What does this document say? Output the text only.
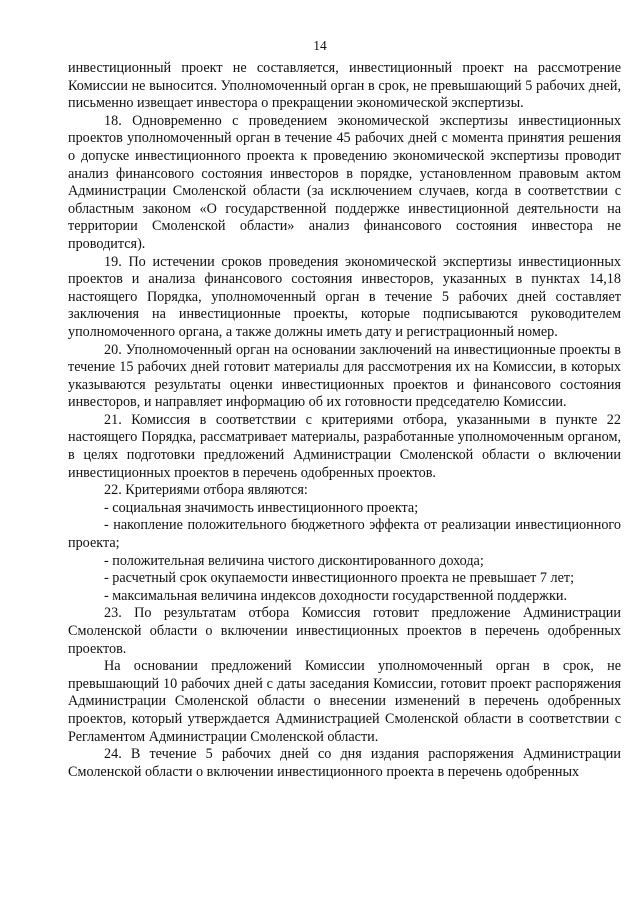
14

инвестиционный проект не составляется, инвестиционный проект на рассмотрение Комиссии не выносится. Уполномоченный орган в срок, не превышающий 5 рабочих дней, письменно извещает инвестора о прекращении экономической экспертизы.

18. Одновременно с проведением экономической экспертизы инвестиционных проектов уполномоченный орган в течение 45 рабочих дней с момента принятия решения о допуске инвестиционного проекта к проведению экономической экспертизы проводит анализ финансового состояния инвесторов в порядке, установленном правовым актом Администрации Смоленской области (за исключением случаев, когда в соответствии с областным законом «О государственной поддержке инвестиционной деятельности на территории Смоленской области» анализ финансового состояния инвестора не проводится).

19. По истечении сроков проведения экономической экспертизы инвестиционных проектов и анализа финансового состояния инвесторов, указанных в пунктах 14,18 настоящего Порядка, уполномоченный орган в течение 5 рабочих дней составляет заключения на инвестиционные проекты, которые подписываются руководителем уполномоченного органа, а также должны иметь дату и регистрационный номер.

20. Уполномоченный орган на основании заключений на инвестиционные проекты в течение 15 рабочих дней готовит материалы для рассмотрения их на Комиссии, в которых указываются результаты оценки инвестиционных проектов и финансового состояния инвесторов, и направляет информацию об их готовности председателю Комиссии.

21. Комиссия в соответствии с критериями отбора, указанными в пункте 22 настоящего Порядка, рассматривает материалы, разработанные уполномоченным органом, в целях подготовки предложений Администрации Смоленской области о включении инвестиционных проектов в перечень одобренных проектов.

22. Критериями отбора являются:

- социальная значимость инвестиционного проекта;

- накопление положительного бюджетного эффекта от реализации инвестиционного проекта;

- положительная величина чистого дисконтированного дохода;

- расчетный срок окупаемости инвестиционного проекта не превышает 7 лет;

- максимальная величина индексов доходности государственной поддержки.

23. По результатам отбора Комиссия готовит предложение Администрации Смоленской области о включении инвестиционных проектов в перечень одобренных проектов.

На основании предложений Комиссии уполномоченный орган в срок, не превышающий 10 рабочих дней с даты заседания Комиссии, готовит проект распоряжения Администрации Смоленской области о внесении изменений в перечень одобренных проектов, который утверждается Администрацией Смоленской области в соответствии с Регламентом Администрации Смоленской области.

24. В течение 5 рабочих дней со дня издания распоряжения Администрации Смоленской области о включении инвестиционного проекта в перечень одобренных
